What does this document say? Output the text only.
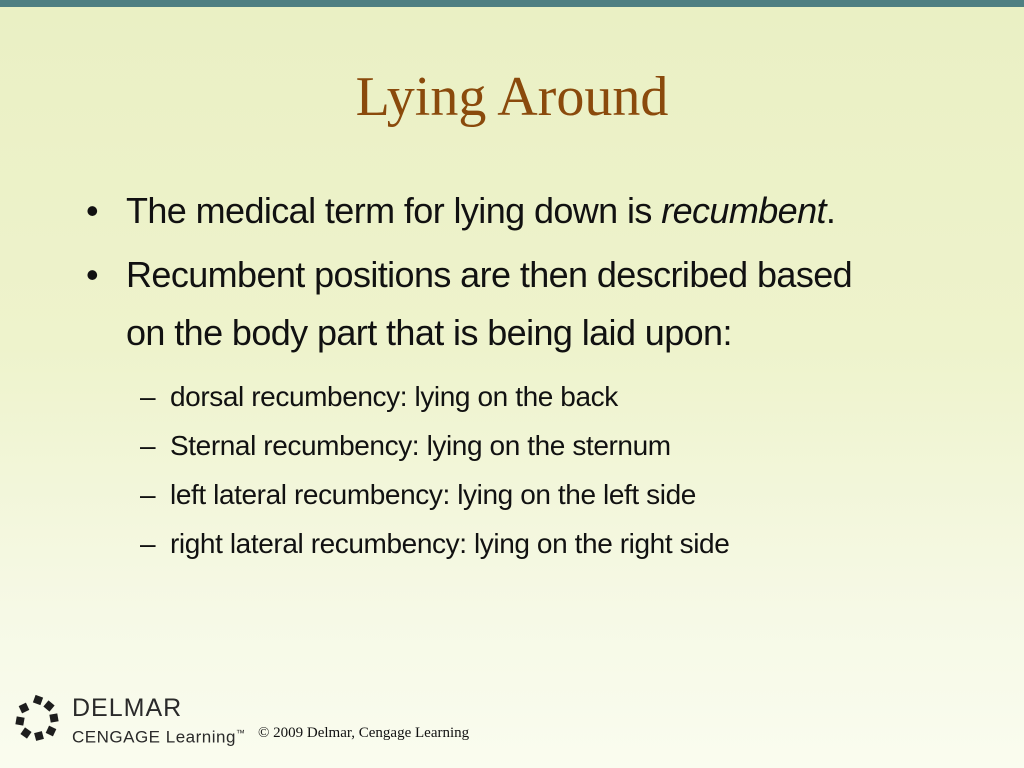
Lying Around
• The medical term for lying down is recumbent.
• Recumbent positions are then described based
on the body part that is being laid upon:
– dorsal recumbency: lying on the back
– Sternal recumbency: lying on the sternum
– left lateral recumbency: lying on the left side
– right lateral recumbency: lying on the right side
DELMAR
CENGAGE Learning™ © 2009 Delmar, Cengage Learning
